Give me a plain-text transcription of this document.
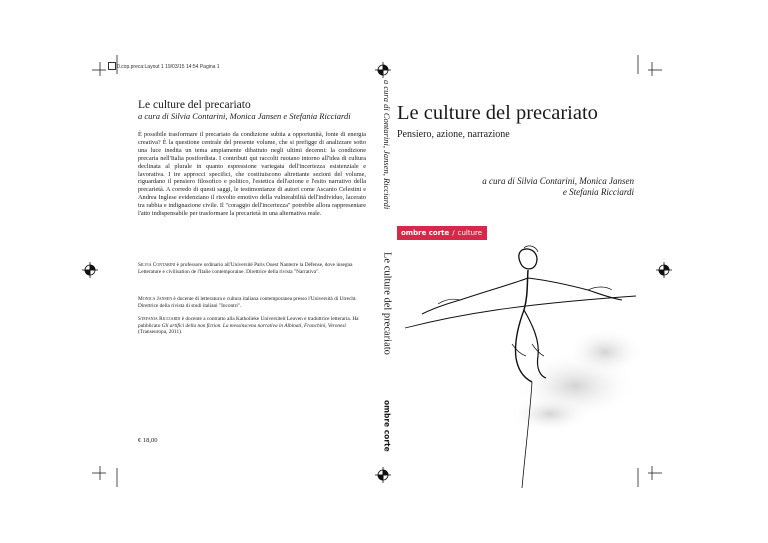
0.cop.preca:Layout 1 19/03/15 14:54 Pagina 1
Le culture del precariato
a cura di Silvia Contarini, Monica Jansen e Stefania Ricciardi
È possibile trasformare il precariato da condizione subita a opportunità, fonte di energia creativa? È la questione centrale del presente volume, che si prefigge di analizzare sotto una luce inedita un tema ampiamente dibattuto negli ultimi decenni: la condizione precaria nell'Italia postfordista. I contributi qui raccolti ruotano intorno all'idea di cultura declinata al plurale in quanto espressione variegata dell'incertezza esistenziale e lavorativa. I tre approcci specifici, che costituiscono altrettante sezioni del volume, riguardano il pensiero filosofico e politico, l'estetica dell'azione e l'esito narrativo della precarietà. A corredo di questi saggi, le testimonianze di autori come Ascanio Celestini e Andrea Inglese evidenziano il risvolto emotivo della vulnerabilità dell'individuo, lacerato tra rabbia e indignazione civile. Il "coraggio dell'incertezza" potrebbe allora rappresentare l'atto indispensabile per trasformare la precarietà in una alternativa reale.
Silvia Contarini è professore ordinario all'Université Paris Ouest Nanterre la Défense, dove insegna Letterature e civilisation de l'Italie contemporaine. Direttrice della rivista "Narrativa".
Monica Jansen è docente di letteratura e cultura italiana contemporanea presso l'Università di Utrecht. Direttrice della rivista di studi italiani "Incontri".
Stefania Ricciardi è docente a contratto alla Katholieke Universiteit Leuven e traduttrice letteraria. Ha pubblicato Gli artifici della non fiction. La messinscena narrativa in Albinati, Franchini, Veronesi (Transeuropa, 2011).
€ 18,00
a cura di Contarini, Jansen, Ricciardi
Le culture del precariato
ombre corte
Le culture del precariato
Pensiero, azione, narrazione
a cura di Silvia Contarini, Monica Jansen
e Stefania Ricciardi
ombre corte / culture
